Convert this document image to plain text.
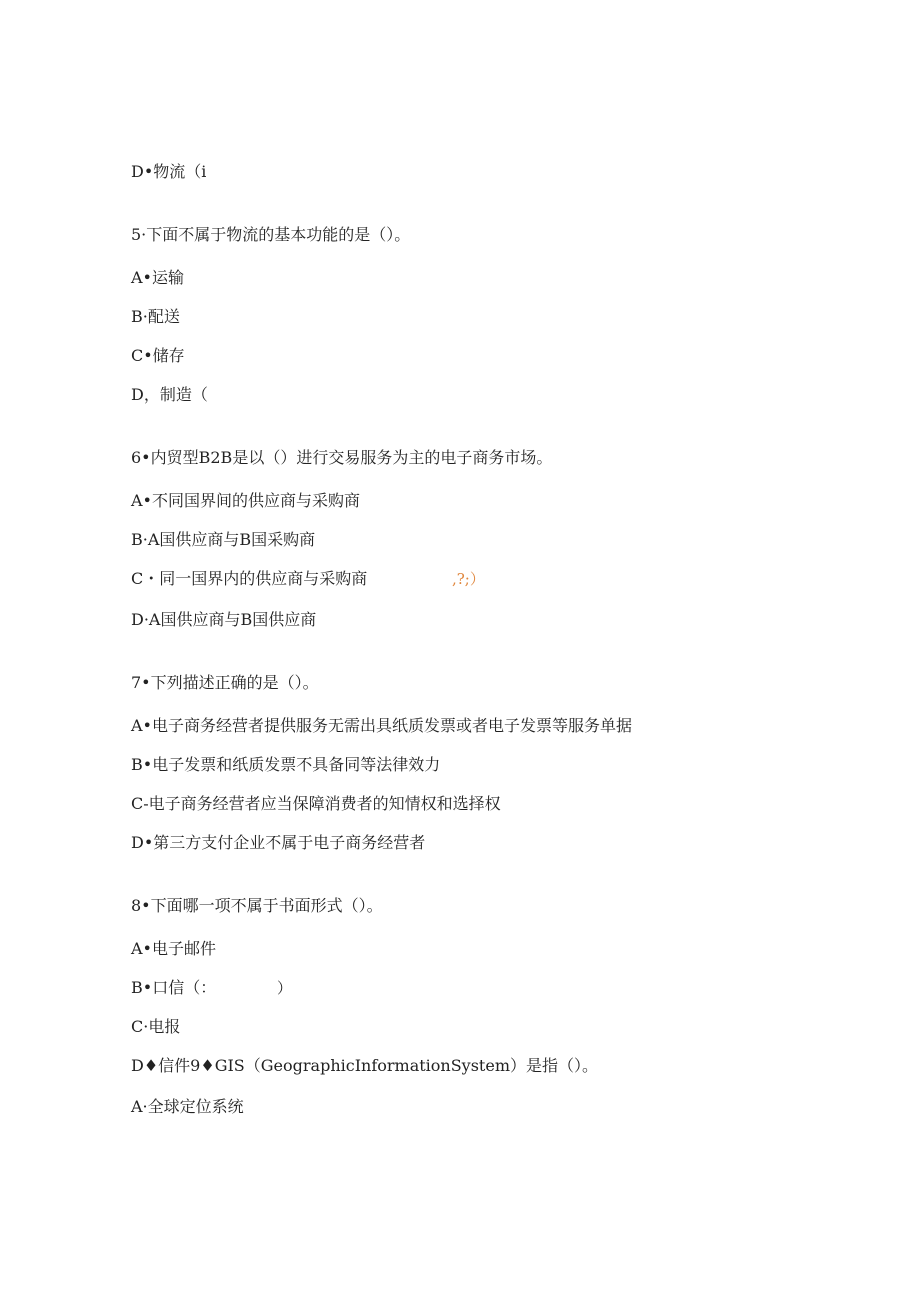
D•物流（i

5·下面不属于物流的基本功能的是（）。

A•运输

B·配送

C•储存

D，制造（

6•内贸型B2B是以（）进行交易服务为主的电子商务市场。

A•不同国界间的供应商与采购商

B·A国供应商与B国采购商

C・同一国界内的供应商与采购商	,?;）

D·A国供应商与B国供应商

7•下列描述正确的是（）。

A•电子商务经营者提供服务无需出具纸质发票或者电子发票等服务单据

B•电子发票和纸质发票不具备同等法律效力

C-电子商务经营者应当保障消费者的知情权和选择权

D•第三方支付企业不属于电子商务经营者

8•下面哪一项不属于书面形式（）。

A•电子邮件

B•口信（：	）

C·电报

D♦信件9♦GIS（GeographicInformationSystem）是指（）。

A·全球定位系统
